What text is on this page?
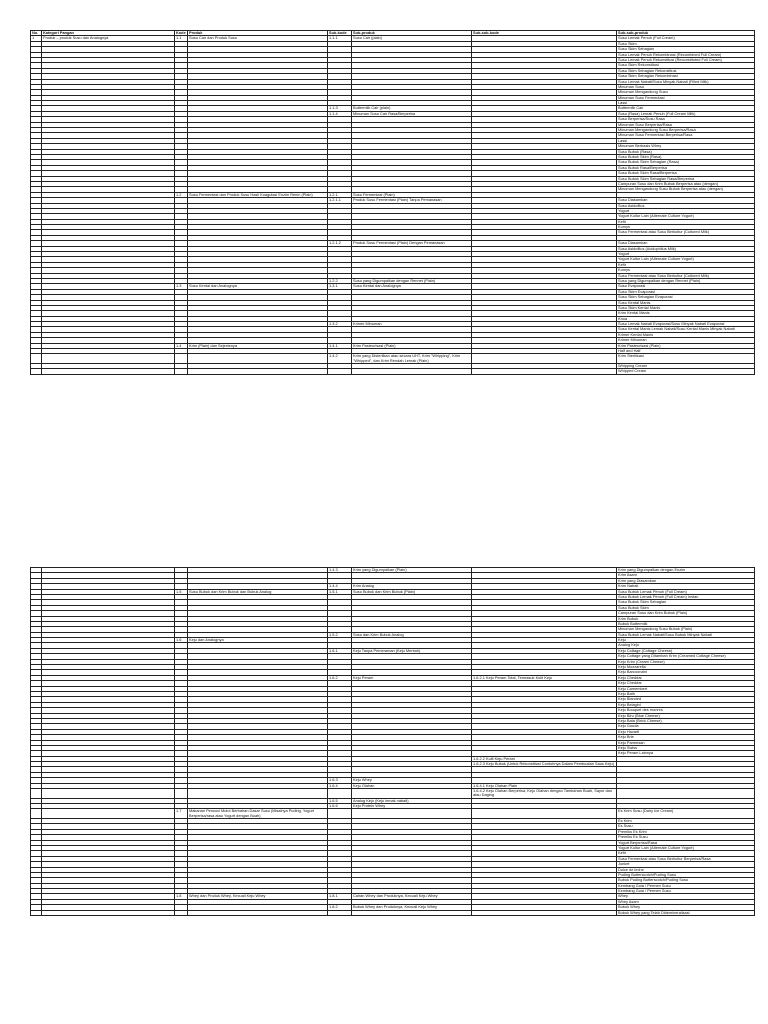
No.	Kategori Pangan	Kode	Produk	Sub-kode	Sub-produk	Sub-sub-kode	Sub-sub-produk
1	Produk – produk Susu dan Analognya	1.1	Susu Cair dan Produk Susu	1.1.1	Susu Cair (plain)		Susu Lemak Penuh (Full Cream)
							Susu Skim
							Susu Skim Sebagian
							Susu Lemak Penuh Rekombinasi (Recombined Full Cream)
							Susu Lemak Penuh Rekonstitusi (Reconstituted Full Cream)
							Susu Skim Rekonstitusi
							Susu Skim Sebagian Rekonstitusi
							Susu Skim Sebagian Rekombinasi
							Susu Lemak Nabati/Susu Minyak Nabati (Filled Milk)
							Minuman Susu
							Minuman Mengandung Susu
							Minuman Susu Fermentasi
							Lassi
				1.1.3	Buttermilk Cair (plain)		Buttermilk Cair
				1.1.4	Minuman Susu Cair Rasa/Berperisa		Susu (Rasa) Lemak Penuh (Full Cream Milk)
							Susu Berperisa/Susu Rasa
							Minuman Susu Berperisa/Rasa
							Minuman Mengandung Susu Berperisa/Rasa
							Minuman Susu Fermentasi Berperisa/Rasa
							Lassi
							Minuman Berbasis Whey
							Susu Bubuk (Rasa)
							Susu Bubuk Skim (Rasa)
							Susu Bubuk Skim Sebagian (Rasa)
							Susu Bubuk Rasa/Berperisa
							Susu Bubuk Skim Rasa/Berperisa
							Susu Bubuk Skim Sebagian Rasa/Berperisa
							Campuran Susu dan Krim Bubuk Berperisa atau (dengan)
							Minuman Mengandung Susu Bubuk Berperisa atau (dengan)
		1.2	Susu Fermentasi dan Produk Susu Hasil Koagulasi Enzim Renin (Plain)	1.2.1	Susu Fermentasi (Plain)		
				1.2.1.1	Produk Susu Fermentasi (Plain) Tanpa Pemanasan		Susu Diasamkan
							Susu Asidofilus
							Yogurt
							Yogurt Kultur Lain (Alternate Culture Yogurt)
							Kefir
							Kumys
							Susu Fermentasi atau Susu Berkultur (Cultured Milk)

				1.2.1.2	Produk Susu Fermentasi (Plain) Dengan Pemanasan		Susu Diasamkan
							Susu Asidofilus (Acidophilus Milk)
							Yogurt
							Yogurt Kultur Lain (Alternate Culture Yogurt)
							Kefir
							Kumys
							Susu Fermentasi atau Susu Berkultur (Cultured Milk)
				1.2.2	Susu yang Digumpalkan dengan Rennet (Plain)		Susu yang Digumpalkan dengan Rennet (Plain)
		1.3	Susu Kental dan Analognya	1.3.1	Susu Kental dan Analognya		Susu Evaporasi
							Susu Skim Evaporasi
							Susu Skim Sebagian Evaporasi
							Susu Kental Manis
							Susu Skim Kental Manis
							Krim Kental Manis
							Khoa
				1.3.2	Krimer Minuman		Susu Lemak Nabati Evaporasi/Susu Minyak Nabati Evaporasi
							Susu Kental Manis Lemak Nabati/Susu Kental Manis Minyak Nabati
							Krimer Kental Manis
							Krimer Minuman
		1.4	Krim (Plain) dan Sejenisnya	1.4.1	Krim Pasteurisasi (Plain)		Krim Pasteurisasi (Plain)
							Half and Half
				1.4.2	Krim yang Disterilkan atau secara UHT, Krim "Whipping", Krim "Whipped", dan Krim Rendah Lemak (Plain)		Krim Sterilisasi
							Whipping Cream
							Whipped Cream
				1.4.3	Krim yang Digumpalkan (Plain)		Krim yang Digumpalkan dengan Enzim
							Krim Asam
							Krim yang Diasamkan
				1.4.4	Krim Analog		Krim Nabati
		1.5	Susu Bubuk dan Krim Bubuk dan Bubuk Analog	1.5.1	Susu Bubuk dan Krim Bubuk (Plain)		Susu Bubuk Lemak Penuh (Full Cream)
							Susu Bubuk Lemak Penuh (Full Cream) Instan
							Susu Bubuk Skim Sebagian
							Susu Bubuk Skim
							Campuran Susu dan Krim Bubuk (Plain)
							Krim Bubuk
							Bubuk Buttermilk
							Minuman Mengandung Susu Bubuk (Plain)
				1.5.2	Susu dan Krim Bubuk Analog		Susu Bubuk Lemak Nabati/Susu Bubuk Minyak Nabati
		1.6	Keju dan Analognya				Keju
							Analog Keju
				1.6.1	Keju Tanpa Pemeraman (Keju Mentah)		Keju Cottage (Cottage Cheese)
							Keju Cottage yang Ditambah Krim (Creamed Cottage Cheese)
							Keju Krim (Cream Cheese)
							Keju Mozzarella
							Keju Barcoonzini
				1.6.2	Keju Peram	1.6.2.1 Keju Peram Total, Termasuk Kulit Keju	Keju Cheddar
							Keju Cheddar
							Keju Camembert
							Keju Bath
							Keju Blanded
							Keju Belagini
							Keju Bouquet des monres
							Keju Biru (Blue Cheese)
							Keju Bata (Brick Cheese)
							Keju Gouda
							Keju Havarti
							Keju Brie
							Keju Parmesan
							Keju Swiss
							Keju Peram Lainnya
						1.6.2.2 Kulit Keju Peram	
						1.6.2.3 Keju Bubuk (Untuk Rekonstitusi Contohnya Dalam Pembuatan Saus Keju)	

				1.6.3	Keju Whey		
				1.6.4	Keju Olahan	1.6.4.1 Keju Olahan Plain	
						1.6.4.2 Keju Olahan Berperisa, Keju Olahan dengan Tambahan Buah, Sayur dan atau Daging	
				1.6.5	Analog Keju (Keju lemak nabati)		
				1.6.6	Keju Protein Whey		
		1.7	Makanan Pencuci Mulut Berbahan Dasar Susu (Misalnya Puding, Yogurt Berperisa/rasa atau Yogurt dengan Buah)				Es Krim Susu (Dairy Ice Cream)
							Es Krim
							Es Susu
							Premiks Es Krim
							Premiks Es Susu
							Yogurt Berperisa/Rasa
							Yogurt Kultur Lain (Alternate Culture Yogurt)
							Kefir
							Susu Fermentasi atau Susu Berkultur Berperisa/Rasa
							Junket
							Dulce de leche
							Puding Butterscotch/Puding Susu
							Bubuk Puding Butterscotch/Puding Susu
							Kembang Gula / Permen Susu
							Kembang Gula / Permen Susu
		1.8	Whey dan Produk Whey, Kecuali Keju Whey	1.8.1	Cairan Whey dan Produknya, Kecuali Keju Whey		Whey
							Whey Asam
				1.8.2	Bubuk Whey dan Produknya, Kecuali Keju Whey		Bubuk Whey
							Bubuk Whey yang Telah Didemineralisasi
